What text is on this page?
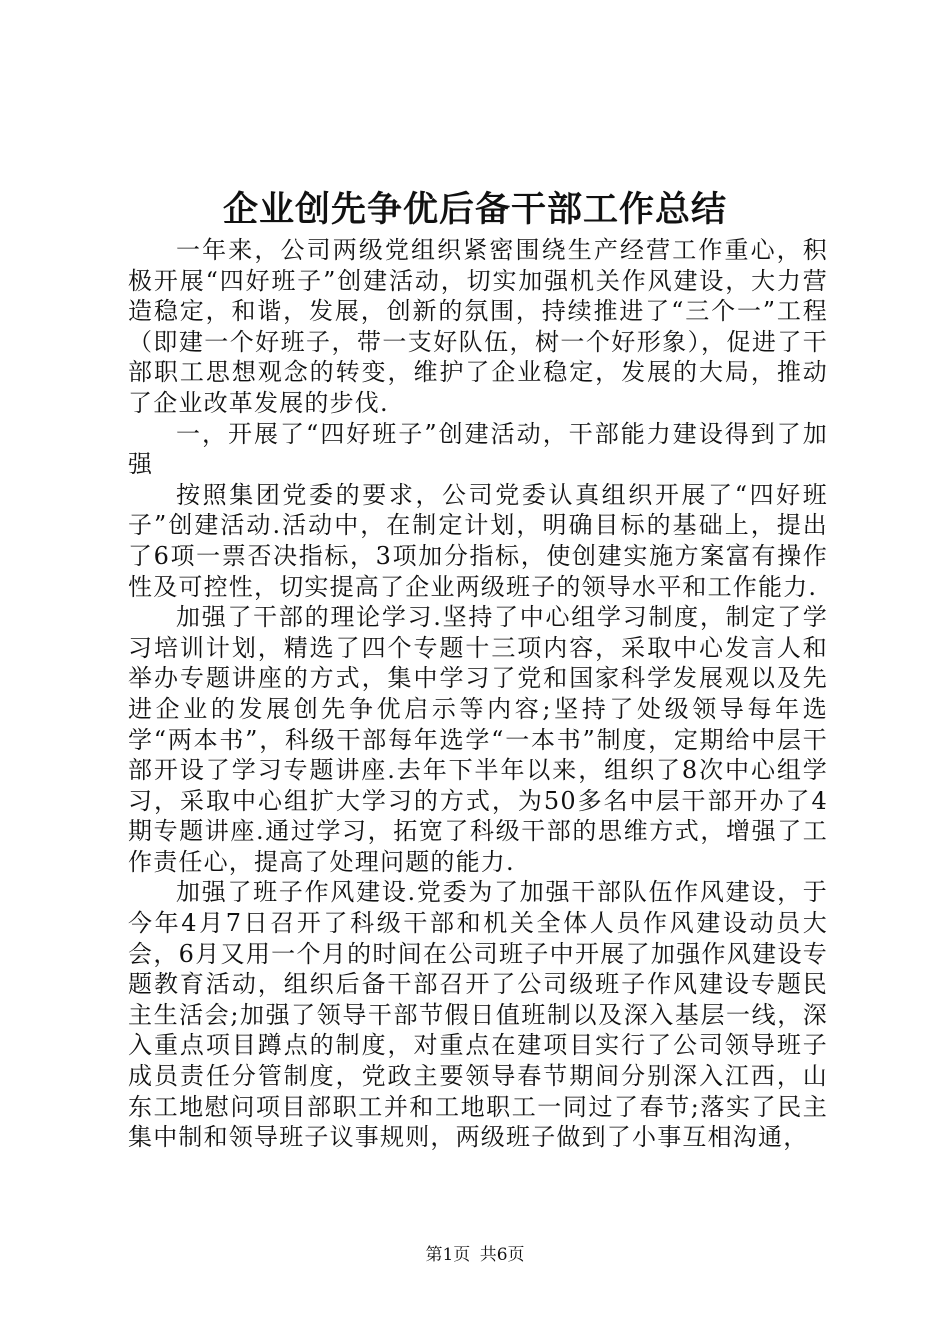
企业创先争优后备干部工作总结

一年来，公司两级党组织紧密围绕生产经营工作重心，积极开展“四好班子”创建活动，切实加强机关作风建设，大力营造稳定，和谐，发展，创新的氛围，持续推进了“三个一”工程（即建一个好班子，带一支好队伍，树一个好形象），促进了干部职工思想观念的转变，维护了企业稳定，发展的大局，推动了企业改革发展的步伐.

一，开展了“四好班子”创建活动，干部能力建设得到了加强

按照集团党委的要求，公司党委认真组织开展了“四好班子”创建活动.活动中，在制定计划，明确目标的基础上，提出了6项一票否决指标，3项加分指标，使创建实施方案富有操作性及可控性，切实提高了企业两级班子的领导水平和工作能力.

加强了干部的理论学习.坚持了中心组学习制度，制定了学习培训计划，精选了四个专题十三项内容，采取中心发言人和举办专题讲座的方式，集中学习了党和国家科学发展观以及先进企业的发展创先争优启示等内容;坚持了处级领导每年选学“两本书”，科级干部每年选学“一本书”制度，定期给中层干部开设了学习专题讲座.去年下半年以来，组织了8次中心组学习，采取中心组扩大学习的方式，为50多名中层干部开办了4期专题讲座.通过学习，拓宽了科级干部的思维方式，增强了工作责任心，提高了处理问题的能力.

加强了班子作风建设.党委为了加强干部队伍作风建设，于今年4月7日召开了科级干部和机关全体人员作风建设动员大会，6月又用一个月的时间在公司班子中开展了加强作风建设专题教育活动，组织后备干部召开了公司级班子作风建设专题民主生活会;加强了领导干部节假日值班制以及深入基层一线，深入重点项目蹲点的制度，对重点在建项目实行了公司领导班子成员责任分管制度，党政主要领导春节期间分别深入江西，山东工地慰问项目部职工并和工地职工一同过了春节;落实了民主集中制和领导班子议事规则，两级班子做到了小事互相沟通，

第1页 共6页
